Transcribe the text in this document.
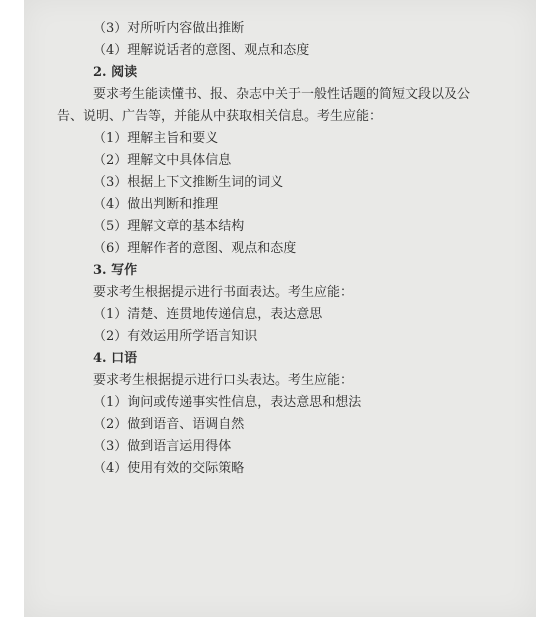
（3）对所听内容做出推断
（4）理解说话者的意图、观点和态度
2. 阅读
要求考生能读懂书、报、杂志中关于一般性话题的简短文段以及公
告、说明、广告等，并能从中获取相关信息。考生应能：
（1）理解主旨和要义
（2）理解文中具体信息
（3）根据上下文推断生词的词义
（4）做出判断和推理
（5）理解文章的基本结构
（6）理解作者的意图、观点和态度
3. 写作
要求考生根据提示进行书面表达。考生应能：
（1）清楚、连贯地传递信息，表达意思
（2）有效运用所学语言知识
4. 口语
要求考生根据提示进行口头表达。考生应能：
（1）询问或传递事实性信息，表达意思和想法
（2）做到语音、语调自然
（3）做到语言运用得体
（4）使用有效的交际策略
